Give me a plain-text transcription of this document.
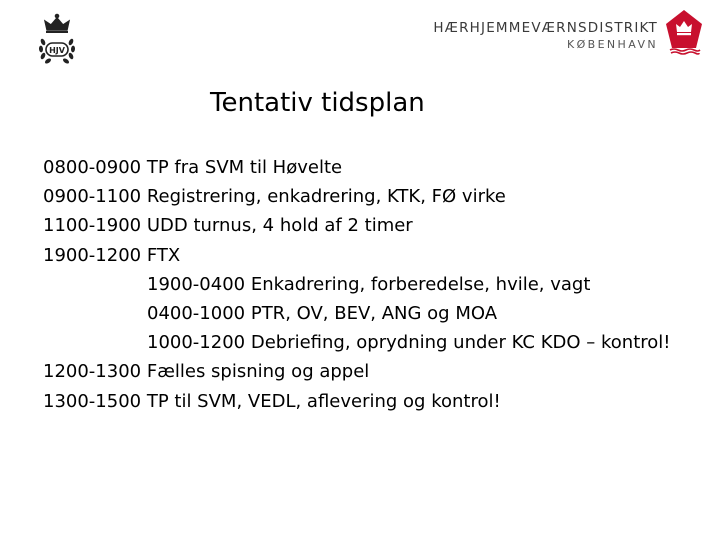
HJV
HÆRHJEMMEVÆRNSDISTRIKT
KØBENHAVN
Tentativ tidsplan
0800-0900 TP fra SVM til Høvelte
0900-1100 Registrering, enkadrering, KTK, FØ virke
1100-1900 UDD turnus, 4 hold af 2 timer
1900-1200 FTX
1900-0400 Enkadrering, forberedelse, hvile, vagt
0400-1000 PTR, OV, BEV, ANG og MOA
1000-1200 Debriefing, oprydning under KC KDO – kontrol!
1200-1300 Fælles spisning og appel
1300-1500 TP til SVM, VEDL, aflevering og kontrol!
